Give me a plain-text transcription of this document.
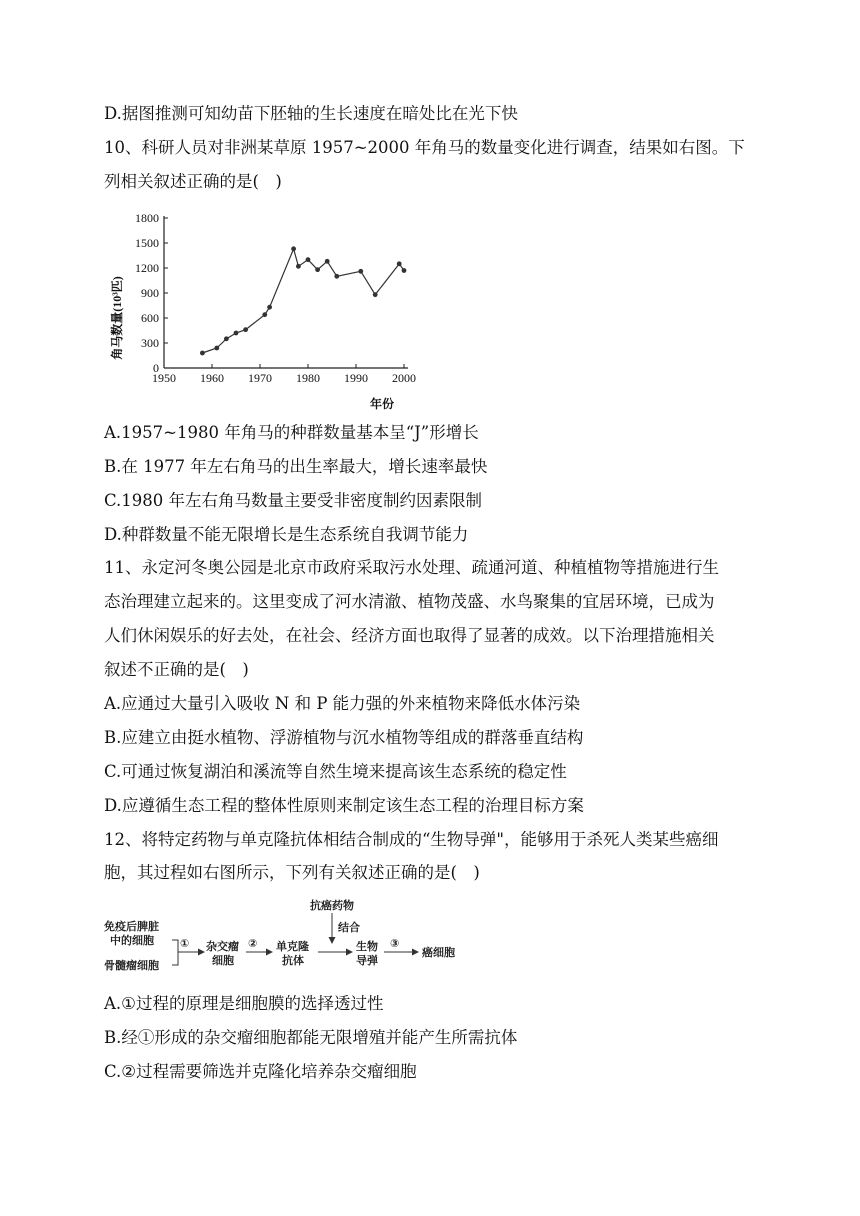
D.据图推测可知幼苗下胚轴的生长速度在暗处比在光下快
10、科研人员对非洲某草原 1957~2000 年角马的数量变化进行调查，结果如右图。下
列相关叙述正确的是(　)
1950 1960 1970 1980 1990 2000
0
300
600
900
1200
1500
1800
角马数量(10³匹)
年份
A.1957~1980 年角马的种群数量基本呈“J”形增长
B.在 1977 年左右角马的出生率最大，增长速率最快
C.1980 年左右角马数量主要受非密度制约因素限制
D.种群数量不能无限增长是生态系统自我调节能力
11、永定河冬奥公园是北京市政府采取污水处理、疏通河道、种植植物等措施进行生
态治理建立起来的。这里变成了河水清澈、植物茂盛、水鸟聚集的宜居环境，已成为
人们休闲娱乐的好去处，在社会、经济方面也取得了显著的成效。以下治理措施相关
叙述不正确的是(　)
A.应通过大量引入吸收 N 和 P 能力强的外来植物来降低水体污染
B.应建立由挺水植物、浮游植物与沉水植物等组成的群落垂直结构
C.可通过恢复湖泊和溪流等自然生境来提高该生态系统的稳定性
D.应遵循生态工程的整体性原则来制定该生态工程的治理目标方案
12、将特定药物与单克隆抗体相结合制成的“生物导弹"，能够用于杀死人类某些癌细
胞，其过程如右图所示，下列有关叙述正确的是(　)
免疫后脾脏
中的细胞
骨髓瘤细胞
① 杂交瘤
细胞
② 单克隆
抗体
抗癌药物
结合
生物
导弹
③
癌细胞
A.①过程的原理是细胞膜的选择透过性
B.经①形成的杂交瘤细胞都能无限增殖并能产生所需抗体
C.②过程需要筛选并克隆化培养杂交瘤细胞
